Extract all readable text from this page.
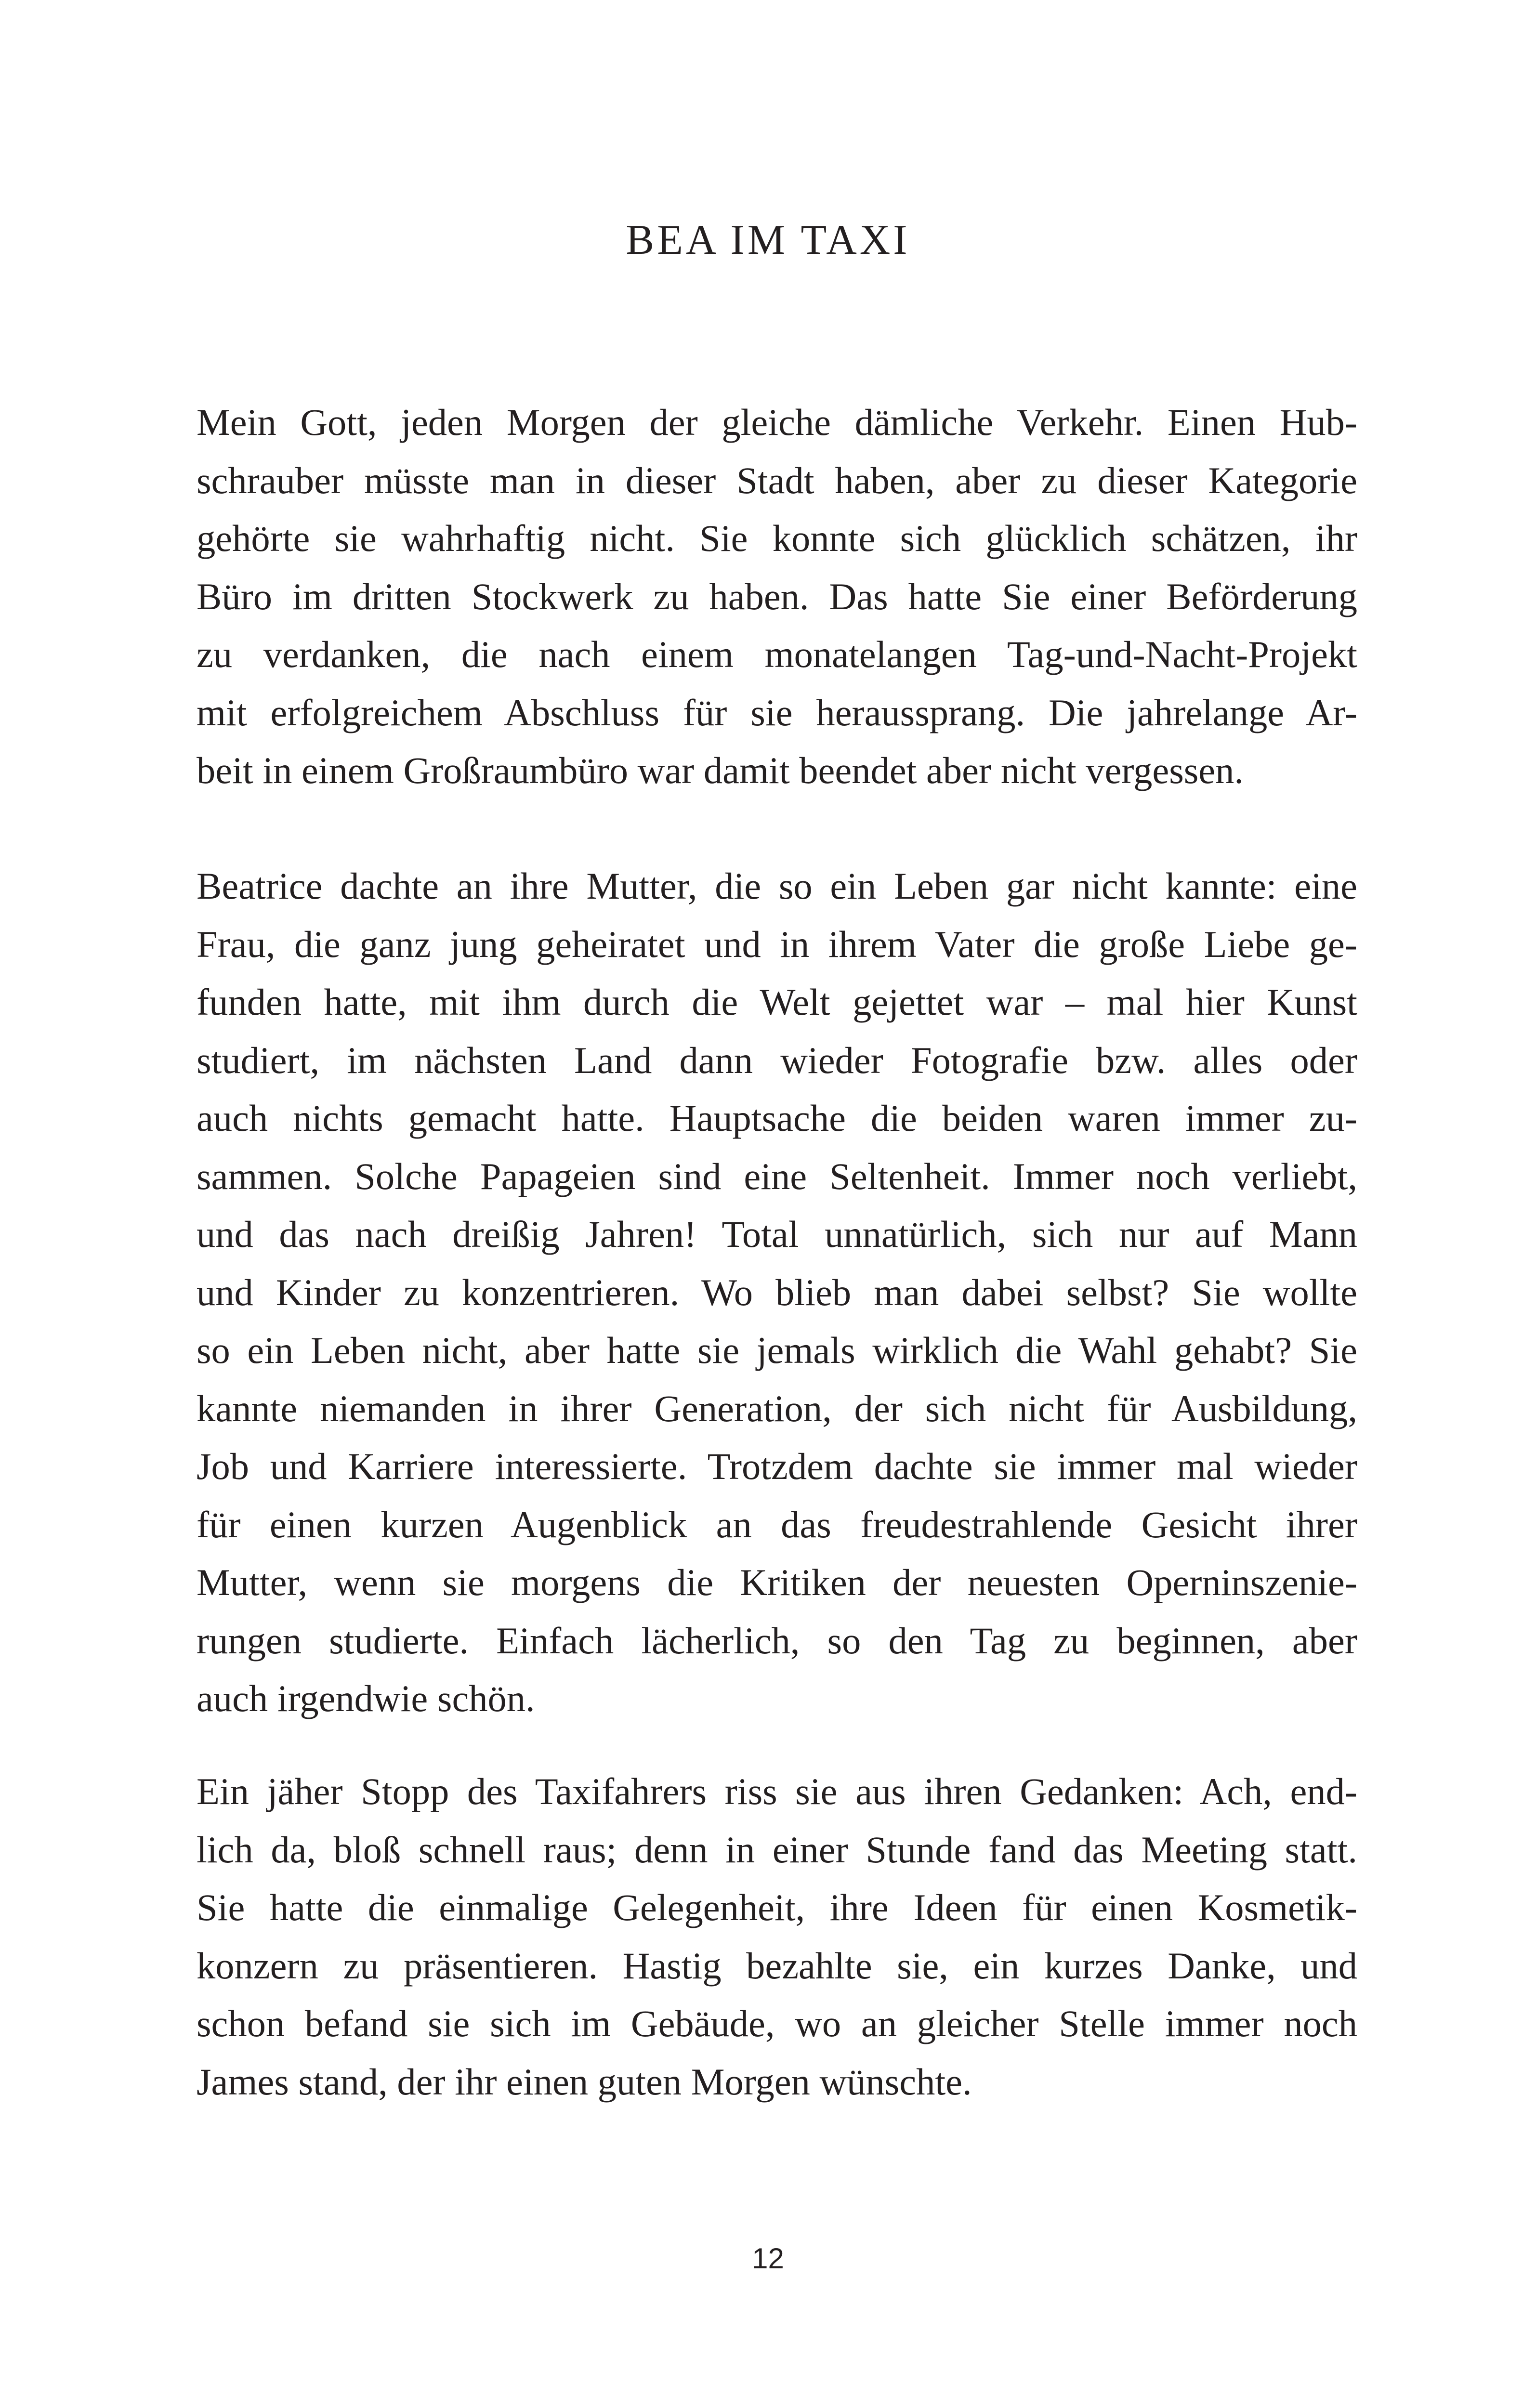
BEA IM TAXI

Mein Gott, jeden Morgen der gleiche dämliche Verkehr. Einen Hub-
schrauber müsste man in dieser Stadt haben, aber zu dieser Kategorie
gehörte sie wahrhaftig nicht. Sie konnte sich glücklich schätzen, ihr
Büro im dritten Stockwerk zu haben. Das hatte Sie einer Beförderung
zu verdanken, die nach einem monatelangen Tag-und-Nacht-Projekt
mit erfolgreichem Abschluss für sie heraussprang. Die jahrelange Ar-
beit in einem Großraumbüro war damit beendet aber nicht vergessen.

Beatrice dachte an ihre Mutter, die so ein Leben gar nicht kannte: eine
Frau, die ganz jung geheiratet und in ihrem Vater die große Liebe ge-
funden hatte, mit ihm durch die Welt gejettet war – mal hier Kunst
studiert, im nächsten Land dann wieder Fotografie bzw. alles oder
auch nichts gemacht hatte. Hauptsache die beiden waren immer zu-
sammen. Solche Papageien sind eine Seltenheit. Immer noch verliebt,
und das nach dreißig Jahren! Total unnatürlich, sich nur auf Mann
und Kinder zu konzentrieren. Wo blieb man dabei selbst? Sie wollte
so ein Leben nicht, aber hatte sie jemals wirklich die Wahl gehabt? Sie
kannte niemanden in ihrer Generation, der sich nicht für Ausbildung,
Job und Karriere interessierte. Trotzdem dachte sie immer mal wieder
für einen kurzen Augenblick an das freudestrahlende Gesicht ihrer
Mutter, wenn sie morgens die Kritiken der neuesten Operninszenie-
rungen studierte. Einfach lächerlich, so den Tag zu beginnen, aber
auch irgendwie schön.

Ein jäher Stopp des Taxifahrers riss sie aus ihren Gedanken: Ach, end-
lich da, bloß schnell raus; denn in einer Stunde fand das Meeting statt.
Sie hatte die einmalige Gelegenheit, ihre Ideen für einen Kosmetik-
konzern zu präsentieren. Hastig bezahlte sie, ein kurzes Danke, und
schon befand sie sich im Gebäude, wo an gleicher Stelle immer noch
James stand, der ihr einen guten Morgen wünschte.

12
